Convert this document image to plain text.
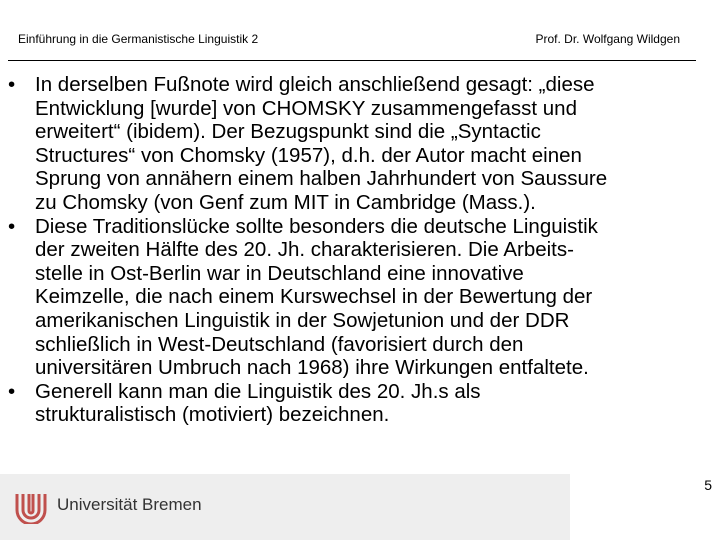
Einführung in die Germanistische Linguistik 2	Prof. Dr. Wolfgang Wildgen
• In derselben Fußnote wird gleich anschließend gesagt: „diese
Entwicklung [wurde] von CHOMSKY zusammengefasst und
erweitert“ (ibidem). Der Bezugspunkt sind die „Syntactic
Structures“ von Chomsky (1957), d.h. der Autor macht einen
Sprung von annähern einem halben Jahrhundert von Saussure
zu Chomsky (von Genf zum MIT in Cambridge (Mass.).
• Diese Traditionslücke sollte besonders die deutsche Linguistik
der zweiten Hälfte des 20. Jh. charakterisieren. Die Arbeits-
stelle in Ost-Berlin war in Deutschland eine innovative
Keimzelle, die nach einem Kurswechsel in der Bewertung der
amerikanischen Linguistik in der Sowjetunion und der DDR
schließlich in West-Deutschland (favorisiert durch den
universitären Umbruch nach 1968) ihre Wirkungen entfaltete.
• Generell kann man die Linguistik des 20. Jh.s als
strukturalistisch (motiviert) bezeichnen.
5
Universität Bremen
